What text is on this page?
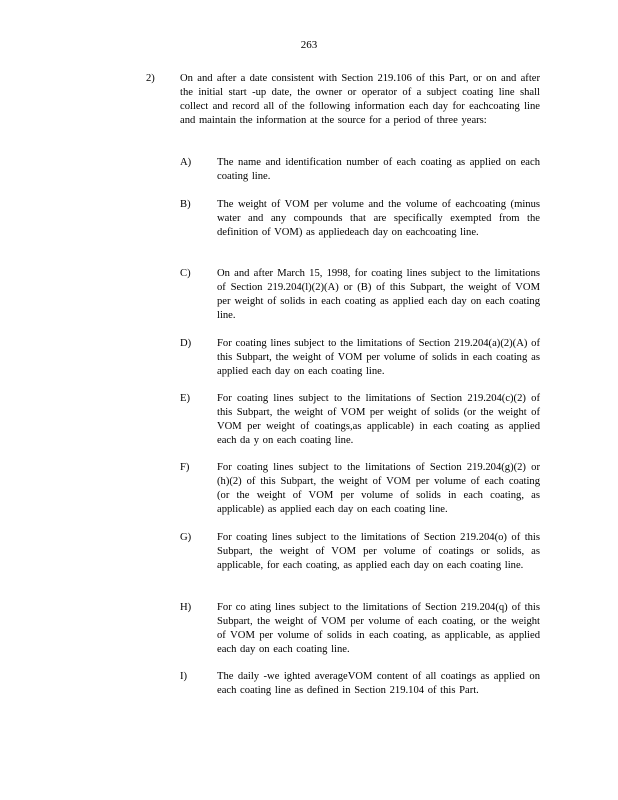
263
2) On and after a date consistent with Section 219.106 of this Part, or on and after the initial start -up date, the owner or operator of a subject coating line shall collect and record all of the following information each day for eachcoating line and maintain the information at the source for a period of three years:
A) The name and identification number of each coating as applied on each coating line.
B) The weight of VOM per volume and the volume of eachcoating (minus water and any compounds that are specifically exempted from the definition of VOM) as appliedeach day on eachcoating line.
C) On and after March 15, 1998, for coating lines subject to the limitations of Section 219.204(l)(2)(A) or (B) of this Subpart, the weight of VOM per weight of solids in each coating as applied each day on each coating line.
D) For coating lines subject to the limitations of Section 219.204(a)(2)(A) of this Subpart, the weight of VOM per volume of solids in each coating as applied each day on each coating line.
E)	For coating lines subject to the limitations of Section 219.204(c)(2) of this Subpart, the weight of VOM per weight of solids (or the weight of VOM per weight of coatings,as applicable) in each coating as applied each da y on each coating line.
F)	For coating lines subject to the limitations of Section 219.204(g)(2) or (h)(2) of this Subpart, the weight of VOM per volume of each coating (or the weight of VOM per volume of solids in each coating, as applicable) as applied each day on each coating line.
G) For coating lines subject to the limitations of Section 219.204(o) of this Subpart, the weight of VOM per volume of coatings or solids, as applicable, for each coating, as applied each day on each coating line.
H) For co ating lines subject to the limitations of Section 219.204(q) of this Subpart, the weight of VOM per volume of each coating, or the weight of VOM per volume of solids in each coating, as applicable, as applied each day on each coating line.
I)	The daily -we ighted averageVOM content of all coatings as applied on each coating line as defined in Section 219.104 of this Part.
